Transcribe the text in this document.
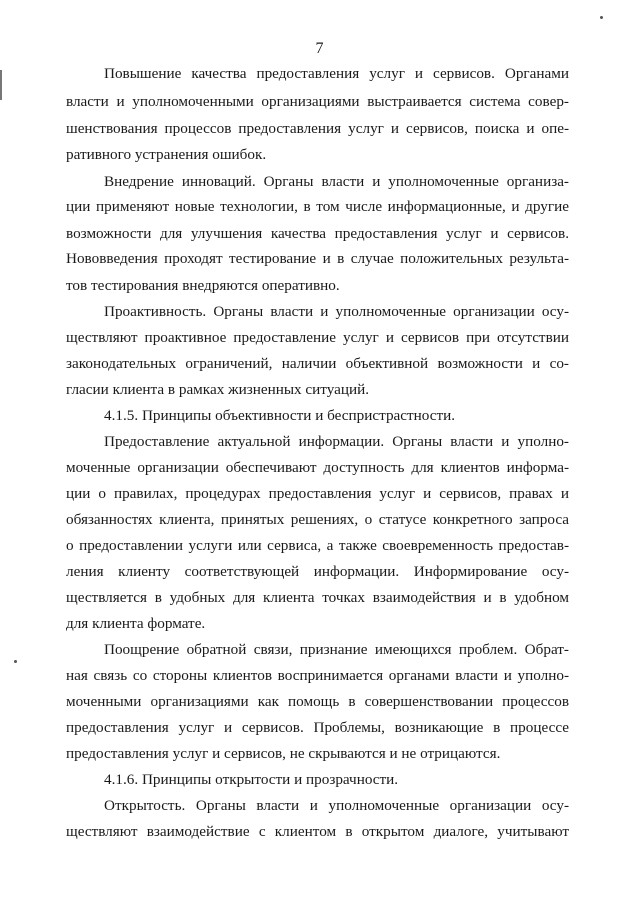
7
Повышение качества предоставления услуг и сервисов. Органами
власти и уполномоченными организациями выстраивается система совер-
шенствования процессов предоставления услуг и сервисов, поиска и опе-
ративного устранения ошибок.
Внедрение инноваций. Органы власти и уполномоченные организа-
ции применяют новые технологии, в том числе информационные, и другие
возможности для улучшения качества предоставления услуг и сервисов.
Нововведения проходят тестирование и в случае положительных результа-
тов тестирования внедряются оперативно.
Проактивность. Органы власти и уполномоченные организации осу-
ществляют проактивное предоставление услуг и сервисов при отсутствии
законодательных ограничений, наличии объективной возможности и со-
гласии клиента в рамках жизненных ситуаций.
4.1.5. Принципы объективности и беспристрастности.
Предоставление актуальной информации. Органы власти и уполно-
моченные организации обеспечивают доступность для клиентов информа-
ции о правилах, процедурах предоставления услуг и сервисов, правах и
обязанностях клиента, принятых решениях, о статусе конкретного запроса
о предоставлении услуги или сервиса, а также своевременность предостав-
ления клиенту соответствующей информации. Информирование осу-
ществляется в удобных для клиента точках взаимодействия и в удобном
для клиента формате.
Поощрение обратной связи, признание имеющихся проблем. Обрат-
ная связь со стороны клиентов воспринимается органами власти и уполно-
моченными организациями как помощь в совершенствовании процессов
предоставления услуг и сервисов. Проблемы, возникающие в процессе
предоставления услуг и сервисов, не скрываются и не отрицаются.
4.1.6. Принципы открытости и прозрачности.
Открытость. Органы власти и уполномоченные организации осу-
ществляют взаимодействие с клиентом в открытом диалоге, учитывают
